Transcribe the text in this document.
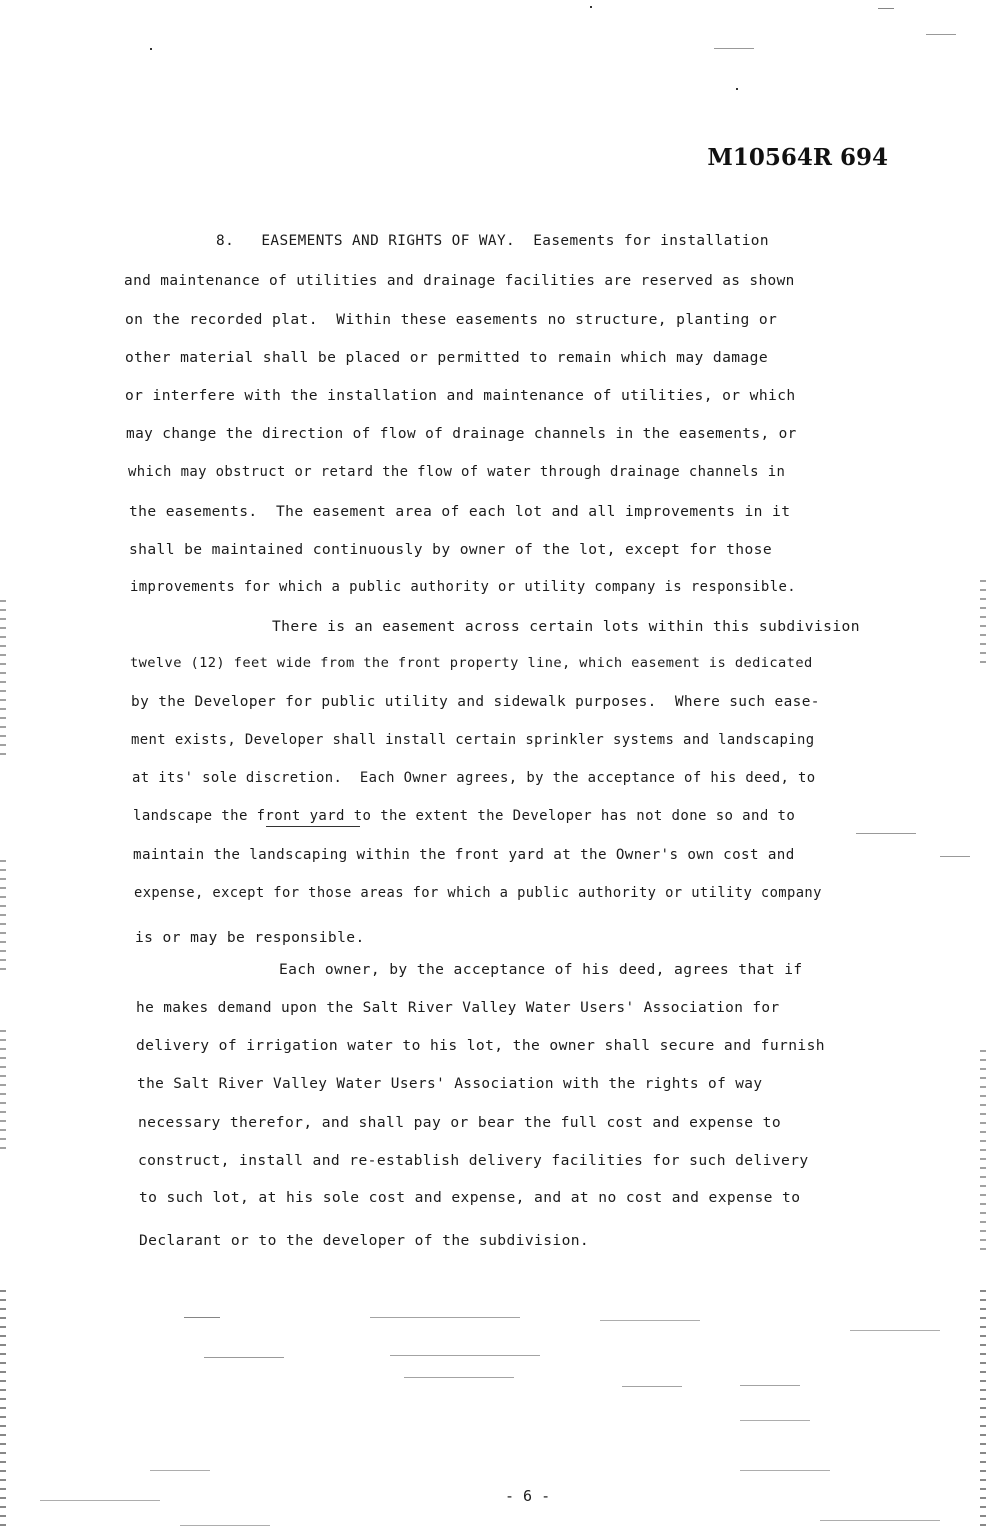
M10564R 694
8.   EASEMENTS AND RIGHTS OF WAY.  Easements for installation
and maintenance of utilities and drainage facilities are reserved as shown
on the recorded plat.  Within these easements no structure, planting or
other material shall be placed or permitted to remain which may damage
or interfere with the installation and maintenance of utilities, or which
may change the direction of flow of drainage channels in the easements, or
which may obstruct or retard the flow of water through drainage channels in
the easements.  The easement area of each lot and all improvements in it
shall be maintained continuously by owner of the lot, except for those
improvements for which a public authority or utility company is responsible.
There is an easement across certain lots within this subdivision
twelve (12) feet wide from the front property line, which easement is dedicated
by the Developer for public utility and sidewalk purposes.  Where such ease-
ment exists, Developer shall install certain sprinkler systems and landscaping
at its' sole discretion.  Each Owner agrees, by the acceptance of his deed, to
landscape the front yard to the extent the Developer has not done so and to
maintain the landscaping within the front yard at the Owner's own cost and
expense, except for those areas for which a public authority or utility company
is or may be responsible.
Each owner, by the acceptance of his deed, agrees that if
he makes demand upon the Salt River Valley Water Users' Association for
delivery of irrigation water to his lot, the owner shall secure and furnish
the Salt River Valley Water Users' Association with the rights of way
necessary therefor, and shall pay or bear the full cost and expense to
construct, install and re-establish delivery facilities for such delivery
to such lot, at his sole cost and expense, and at no cost and expense to
Declarant or to the developer of the subdivision.
- 6 -
